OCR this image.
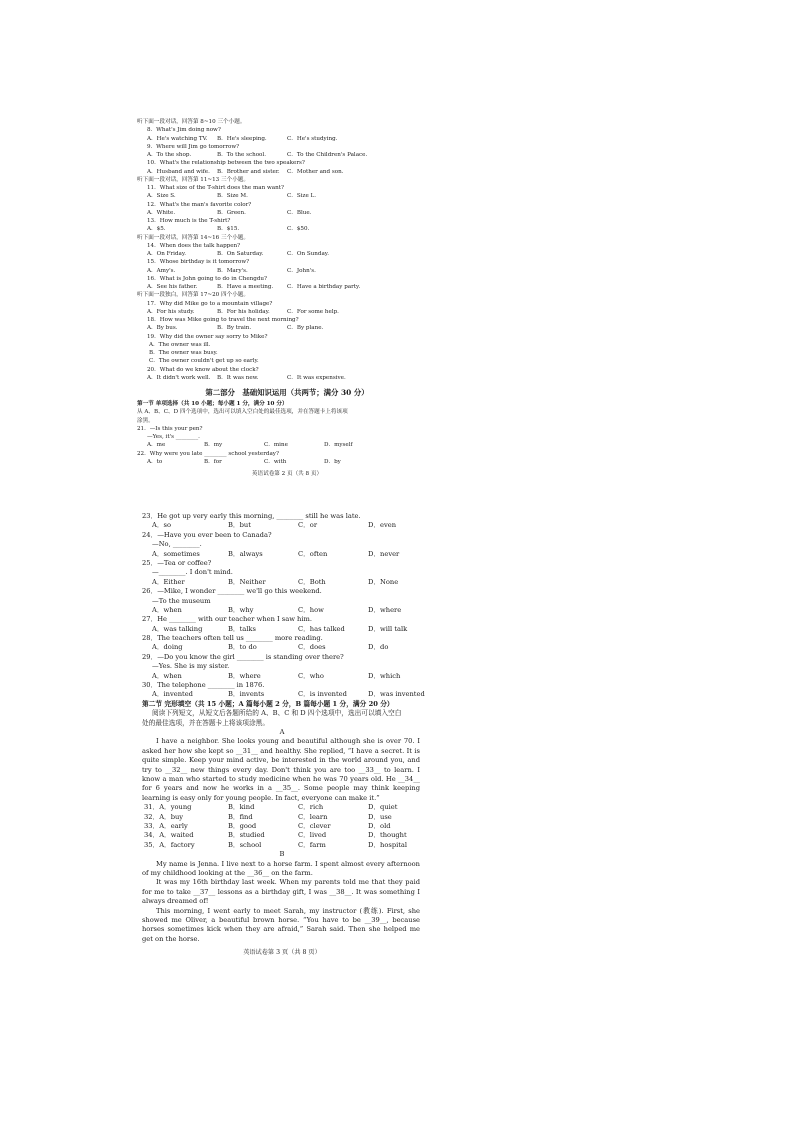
听下面一段对话，回答第 8~10 三个小题。
8．What's Jim doing now?
A．He's watching TV. B．He's sleeping.	C．He's studying.
9．Where will Jim go tomorrow?
A．To the shop.	B．To the school.	C．To the Children's Palace.
10．What's the relationship between the two speakers?
A．Husband and wife. B．Brother and sister. C．Mother and son.
听下面一段对话，回答第 11~13 三个小题。
11．What size of the T-shirt does the man want?
A．Size S.	B．Size M.	C．Size L.
12．What's the man's favorite color?
A．White.	B．Green.	C．Blue.
13．How much is the T-shirt?
A．$5.	B．$15.	C．$50.
听下面一段对话，回答第 14~16 三个小题。
14．When does the talk happen?
A．On Friday.	B．On Saturday.	C．On Sunday.
15．Whose birthday is it tomorrow?
A．Amy's.	B．Mary's.	C．John's.
16．What is John going to do in Chengdu?
A．See his father.	B．Have a meeting. C．Have a birthday party.
听下面一段独白，回答第 17~20 四个小题。
17．Why did Mike go to a mountain village?
A．For his study.	B．For his holiday.	C．For some help.
18．How was Mike going to travel the next morning?
A．By bus.	B．By train.	C．By plane.
19．Why did the owner say sorry to Mike?
A．The owner was ill.
B．The owner was busy.
C．The owner couldn't get up so early.
20．What do we know about the clock?
A．It didn't work well. B．It was new.	C．It was expensive.
第二部分　基础知识运用（共两节；满分 30 分）
第一节 单项选择（共 10 小题；每小题 1 分，满分 10 分）
从 A、B、C、D 四个选项中，选出可以填入空白处的最佳选项，并在答题卡上将该项
涂黑。
21．—Is this your pen?
—Yes, it's ________.
A．me	B．my	C．mine	D．myself
22．Why were you late ________ school yesterday?
A．to	B．for	C．with	D．by
英语试卷第 2 页（共 8 页）
23．He got up very early this morning, ________ still he was late.
A．so	B．but	C．or	D．even
24．—Have you ever been to Canada?
—No, ________.
A．sometimes	B．always	C．often	D．never
25．—Tea or coffee?
—________. I don't mind.
A．Either	B．Neither	C．Both	D．None
26．—Mike, I wonder ________ we'll go this weekend.
—To the museum
A．when	B．why	C．how	D．where
27．He ________ with our teacher when I saw him.
A．was talking	B．talks	C．has talked	D．will talk
28．The teachers often tell us ________ more reading.
A．doing	B．to do	C．does	D．do
29．—Do you know the girl ________ is standing over there?
—Yes. She is my sister.
A．when	B．where	C．who	D．which
30．The telephone ________ in 1876.
A．invented	B．invents	C．is invented	D．was invented
第二节 完形填空（共 15 小题；A 篇每小题 2 分，B 篇每小题 1 分，满分 20 分）
阅读下列短文，从短文后各题所给的 A、B、C 和 D 四个选项中，选出可以填入空白
处的最佳选项，并在答题卡上将该项涂黑。
A
I have a neighbor. She looks young and beautiful although she is over 70. I asked her how she kept so __31__ and healthy. She replied, “I have a secret. It is quite simple. Keep your mind active, be interested in the world around you, and try to __32__ new things every day. Don't think you are too __33__ to learn. I know a man who started to study medicine when he was 70 years old. He __34__ for 6 years and now he works in a __35__. Some people may think keeping learning is easy only for young people. In fact, everyone can make it.”
31．A．young	B．kind	C．rich	D．quiet
32．A．buy	B．find	C．learn	D．use
33．A．early	B．good	C．clever	D．old
34．A．waited	B．studied	C．lived	D．thought
35．A．factory	B．school	C．farm	D．hospital
B
My name is Jenna. I live next to a horse farm. I spent almost every afternoon of my childhood looking at the __36__ on the farm.
It was my 16th birthday last week. When my parents told me that they paid for me to take __37__ lessons as a birthday gift, I was __38__. It was something I always dreamed of!
This morning, I went early to meet Sarah, my instructor (教练). First, she showed me Oliver, a beautiful brown horse. “You have to be __39__, because horses sometimes kick when they are afraid,” Sarah said. Then she helped me get on the horse.
英语试卷第 3 页（共 8 页）
